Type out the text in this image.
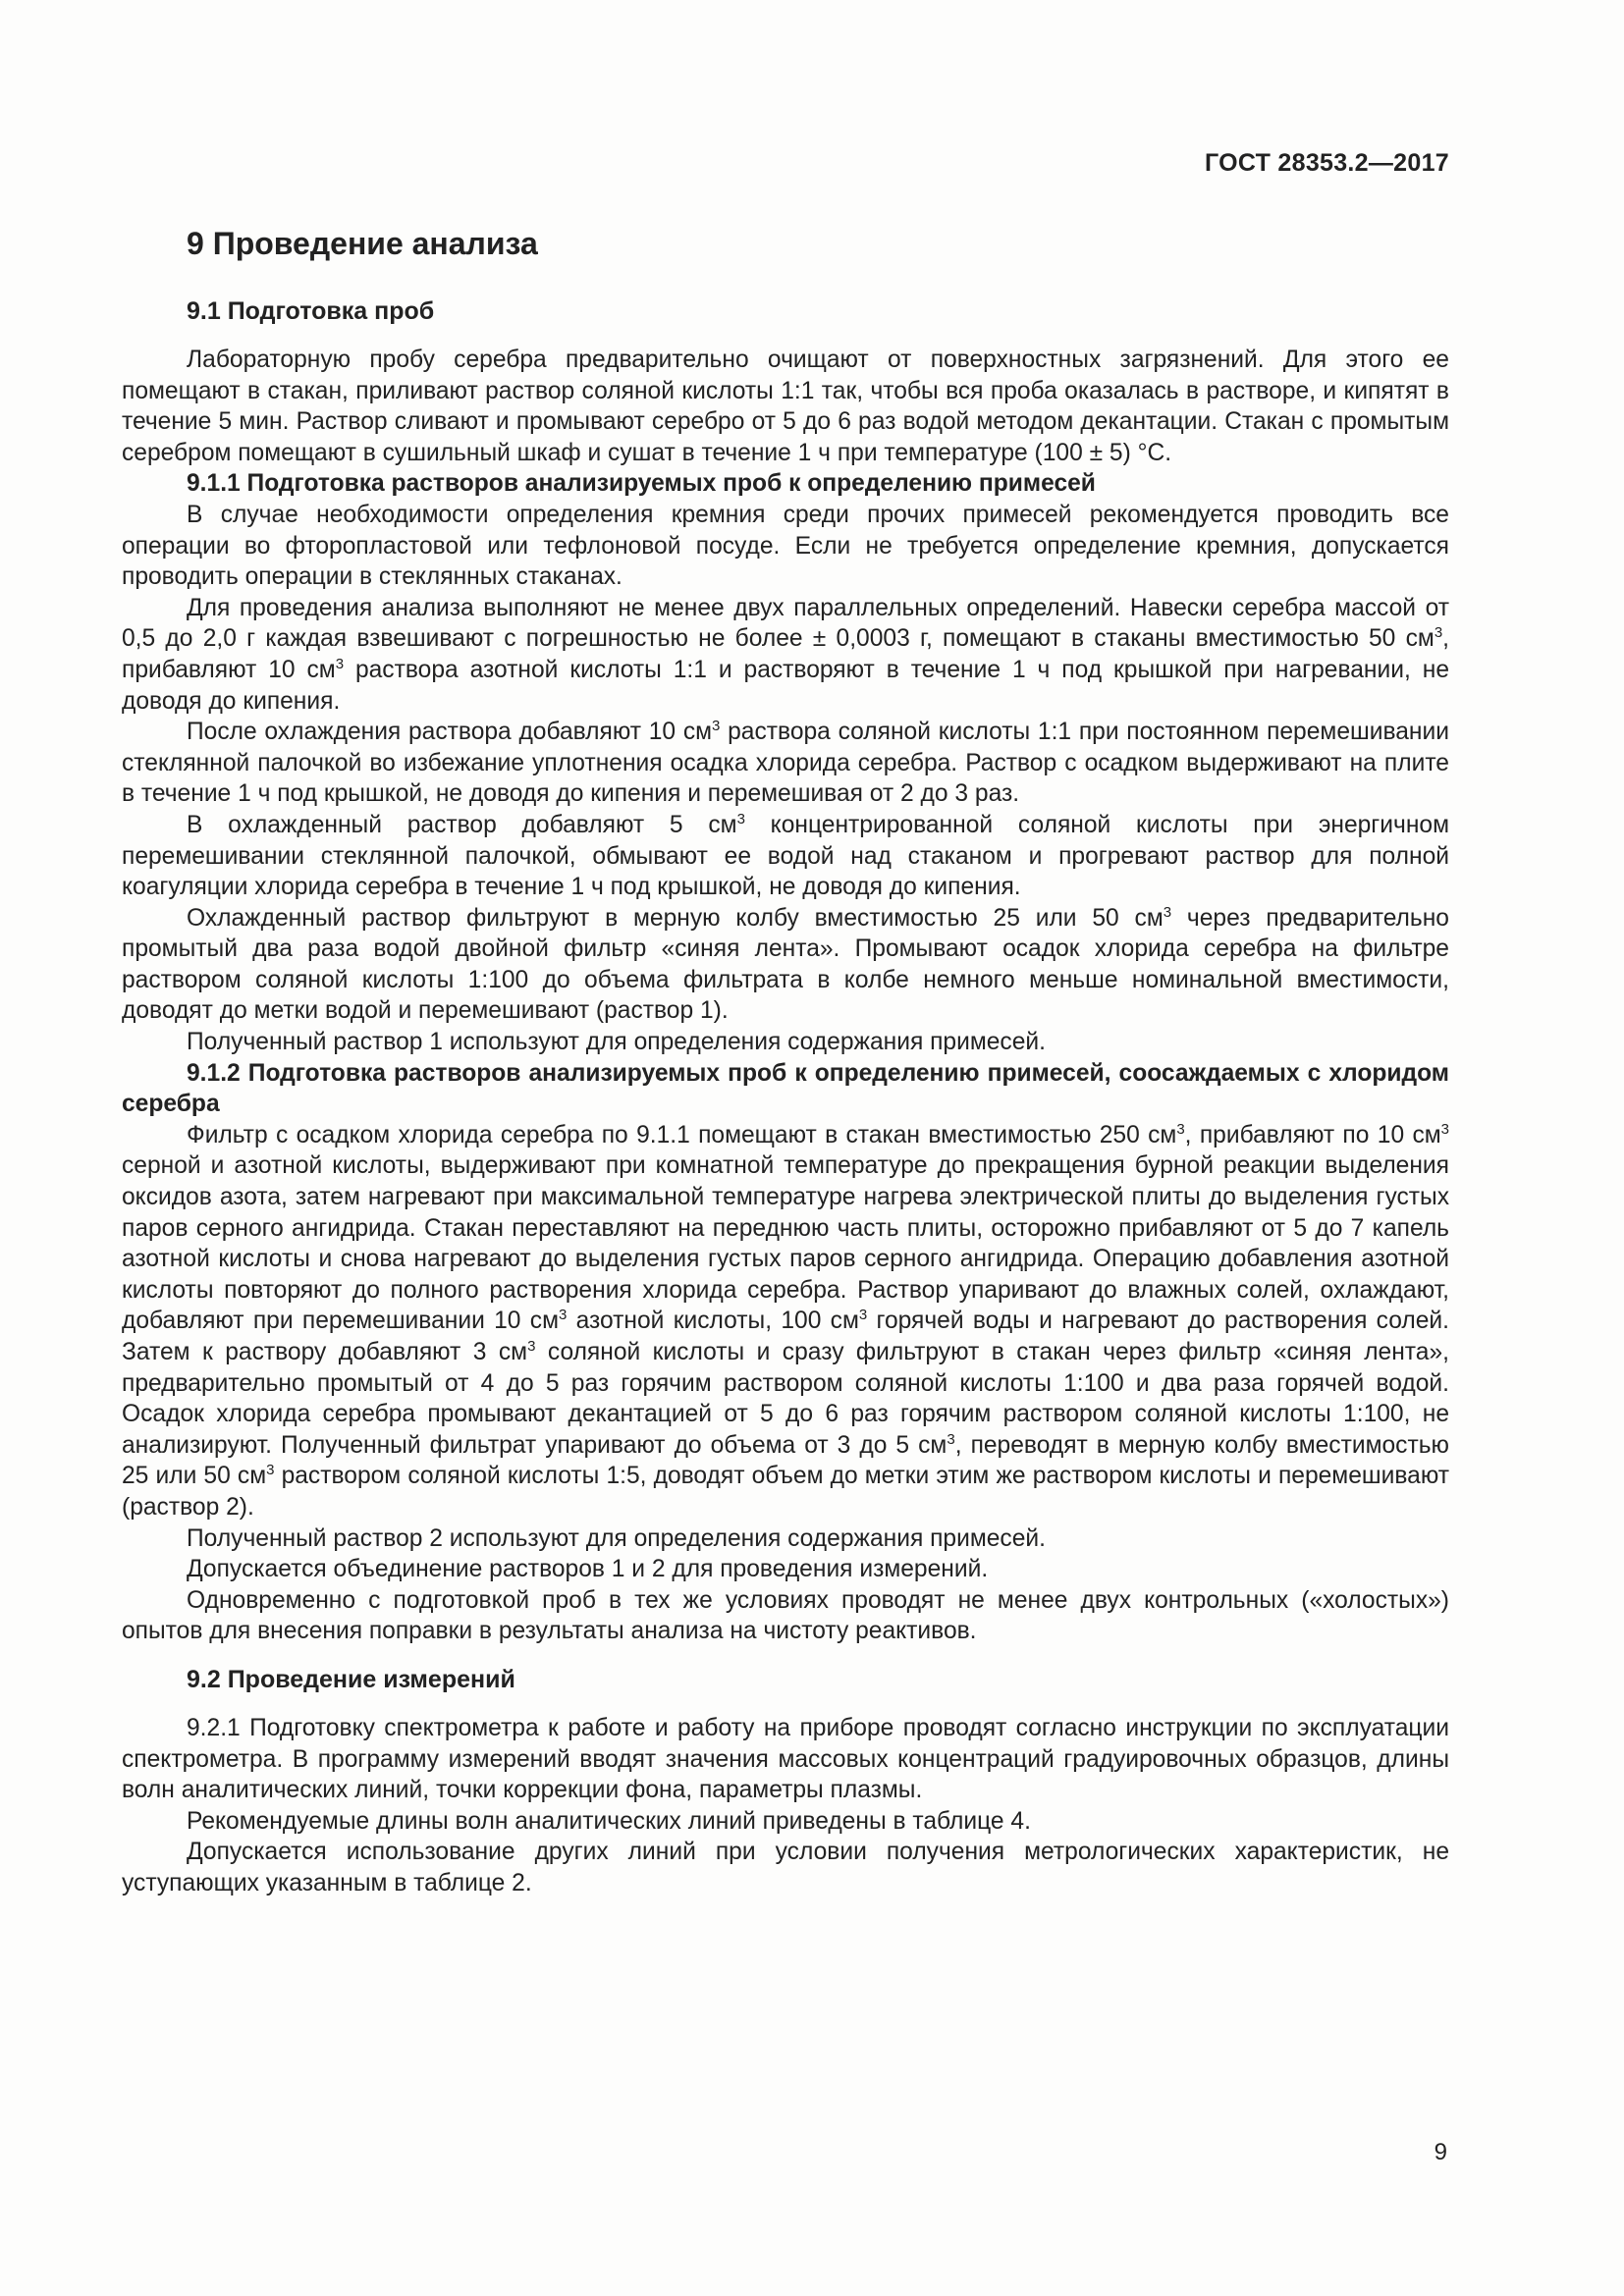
ГОСТ 28353.2—2017
9 Проведение анализа
9.1 Подготовка проб

Лабораторную пробу серебра предварительно очищают от поверхностных загрязнений. Для этого ее помещают в стакан, приливают раствор соляной кислоты 1:1 так, чтобы вся проба оказалась в растворе, и кипятят в течение 5 мин. Раствор сливают и промывают серебро от 5 до 6 раз водой методом декантации. Стакан с промытым серебром помещают в сушильный шкаф и сушат в течение 1 ч при температуре (100 ± 5) °С.

9.1.1 Подготовка растворов анализируемых проб к определению примесей

В случае необходимости определения кремния среди прочих примесей рекомендуется проводить все операции во фторопластовой или тефлоновой посуде. Если не требуется определение кремния, допускается проводить операции в стеклянных стаканах.

Для проведения анализа выполняют не менее двух параллельных определений. Навески серебра массой от 0,5 до 2,0 г каждая взвешивают с погрешностью не более ± 0,0003 г, помещают в стаканы вместимостью 50 $см^3$, прибавляют 10 $см^3$ раствора азотной кислоты 1:1 и растворяют в течение 1 ч под крышкой при нагревании, не доводя до кипения.

После охлаждения раствора добавляют 10 $см^3$ раствора соляной кислоты 1:1 при постоянном перемешивании стеклянной палочкой во избежание уплотнения осадка хлорида серебра. Раствор с осадком выдерживают на плите в течение 1 ч под крышкой, не доводя до кипения и перемешивая от 2 до 3 раз.

В охлажденный раствор добавляют 5 $см^3$ концентрированной соляной кислоты при энергичном перемешивании стеклянной палочкой, обмывают ее водой над стаканом и прогревают раствор для полной коагуляции хлорида серебра в течение 1 ч под крышкой, не доводя до кипения.

Охлажденный раствор фильтруют в мерную колбу вместимостью 25 или 50 $см^3$ через предварительно промытый два раза водой двойной фильтр «синяя лента». Промывают осадок хлорида серебра на фильтре раствором соляной кислоты 1:100 до объема фильтрата в колбе немного меньше номинальной вместимости, доводят до метки водой и перемешивают (раствор 1).

Полученный раствор 1 используют для определения содержания примесей.

9.1.2 Подготовка растворов анализируемых проб к определению примесей, соосаждаемых с хлоридом серебра

Фильтр с осадком хлорида серебра по 9.1.1 помещают в стакан вместимостью 250 $см^3$, прибавляют по 10 $см^3$ серной и азотной кислоты, выдерживают при комнатной температуре до прекращения бурной реакции выделения оксидов азота, затем нагревают при максимальной температуре нагрева электрической плиты до выделения густых паров серного ангидрида. Стакан переставляют на переднюю часть плиты, осторожно прибавляют от 5 до 7 капель азотной кислоты и снова нагревают до выделения густых паров серного ангидрида. Операцию добавления азотной кислоты повторяют до полного растворения хлорида серебра. Раствор упаривают до влажных солей, охлаждают, добавляют при перемешивании 10 $см^3$ азотной кислоты, 100 $см^3$ горячей воды и нагревают до растворения солей. Затем к раствору добавляют 3 $см^3$ соляной кислоты и сразу фильтруют в стакан через фильтр «синяя лента», предварительно промытый от 4 до 5 раз горячим раствором соляной кислоты 1:100 и два раза горячей водой. Осадок хлорида серебра промывают декантацией от 5 до 6 раз горячим раствором соляной кислоты 1:100, не анализируют. Полученный фильтрат упаривают до объема от 3 до 5 $см^3$, переводят в мерную колбу вместимостью 25 или 50 $см^3$ раствором соляной кислоты 1:5, доводят объем до метки этим же раствором кислоты и перемешивают (раствор 2).

Полученный раствор 2 используют для определения содержания примесей.

Допускается объединение растворов 1 и 2 для проведения измерений.

Одновременно с подготовкой проб в тех же условиях проводят не менее двух контрольных («холостых») опытов для внесения поправки в результаты анализа на чистоту реактивов.

9.2 Проведение измерений

9.2.1 Подготовку спектрометра к работе и работу на приборе проводят согласно инструкции по эксплуатации спектрометра. В программу измерений вводят значения массовых концентраций градуировочных образцов, длины волн аналитических линий, точки коррекции фона, параметры плазмы.

Рекомендуемые длины волн аналитических линий приведены в таблице 4.

Допускается использование других линий при условии получения метрологических характеристик, не уступающих указанным в таблице 2.

9
